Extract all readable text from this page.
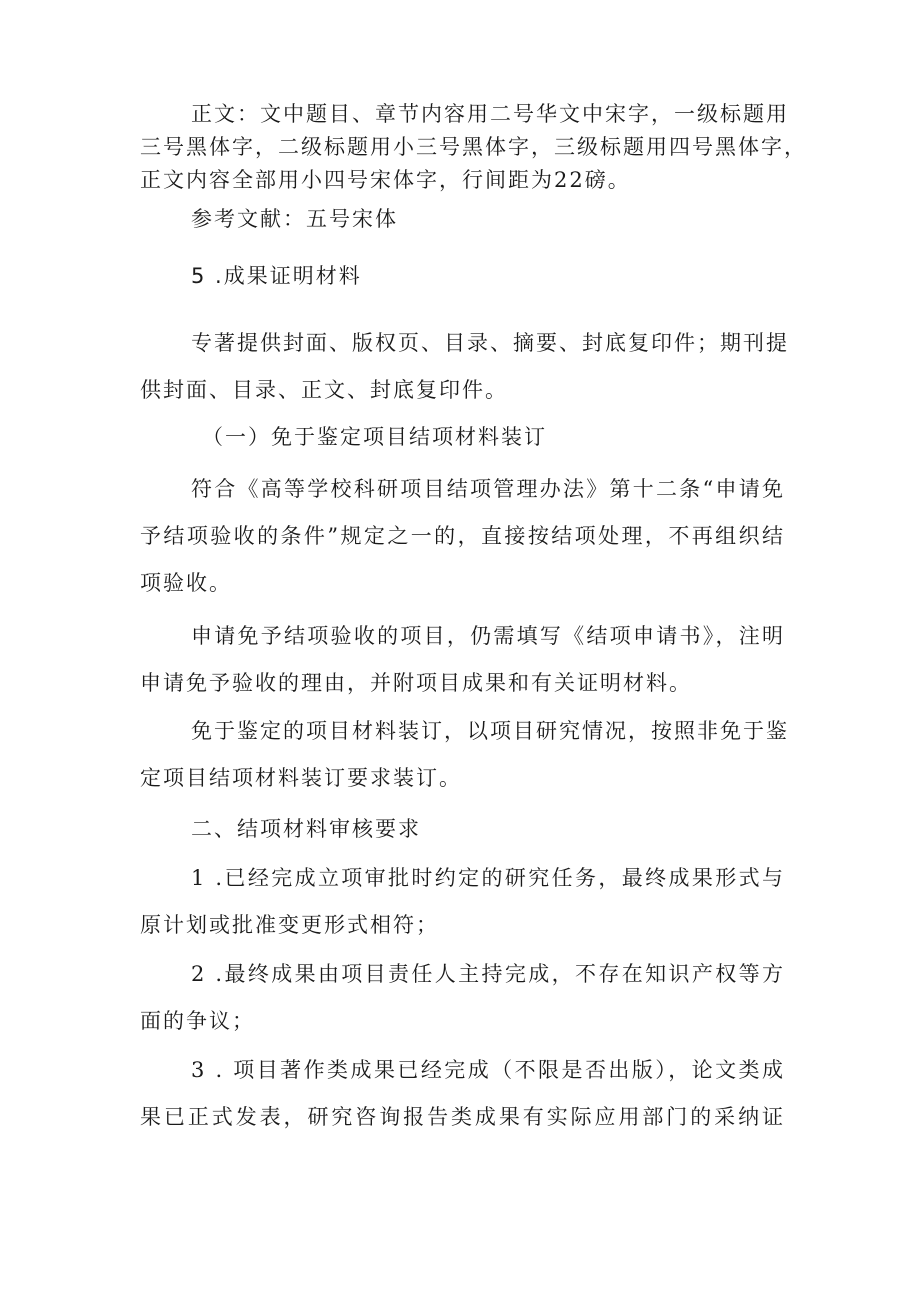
正文：文中题目、章节内容用二号华文中宋字，一级标题用
三号黑体字，二级标题用小三号黑体字，三级标题用四号黑体字，
正文内容全部用小四号宋体字，行间距为22磅。

参考文献：五号宋体

5 .成果证明材料

专著提供封面、版权页、目录、摘要、封底复印件；期刊提
供封面、目录、正文、封底复印件。

（一）免于鉴定项目结项材料装订

符合《高等学校科研项目结项管理办法》第十二条“申请免
予结项验收的条件”规定之一的，直接按结项处理，不再组织结
项验收。

申请免予结项验收的项目，仍需填写《结项申请书》，注明
申请免予验收的理由，并附项目成果和有关证明材料。

免于鉴定的项目材料装订，以项目研究情况，按照非免于鉴
定项目结项材料装订要求装订。

二、结项材料审核要求

1 .已经完成立项审批时约定的研究任务，最终成果形式与
原计划或批准变更形式相符；

2 .最终成果由项目责任人主持完成，不存在知识产权等方
面的争议；

3 . 项目著作类成果已经完成（不限是否出版），论文类成
果已正式发表，研究咨询报告类成果有实际应用部门的采纳证
